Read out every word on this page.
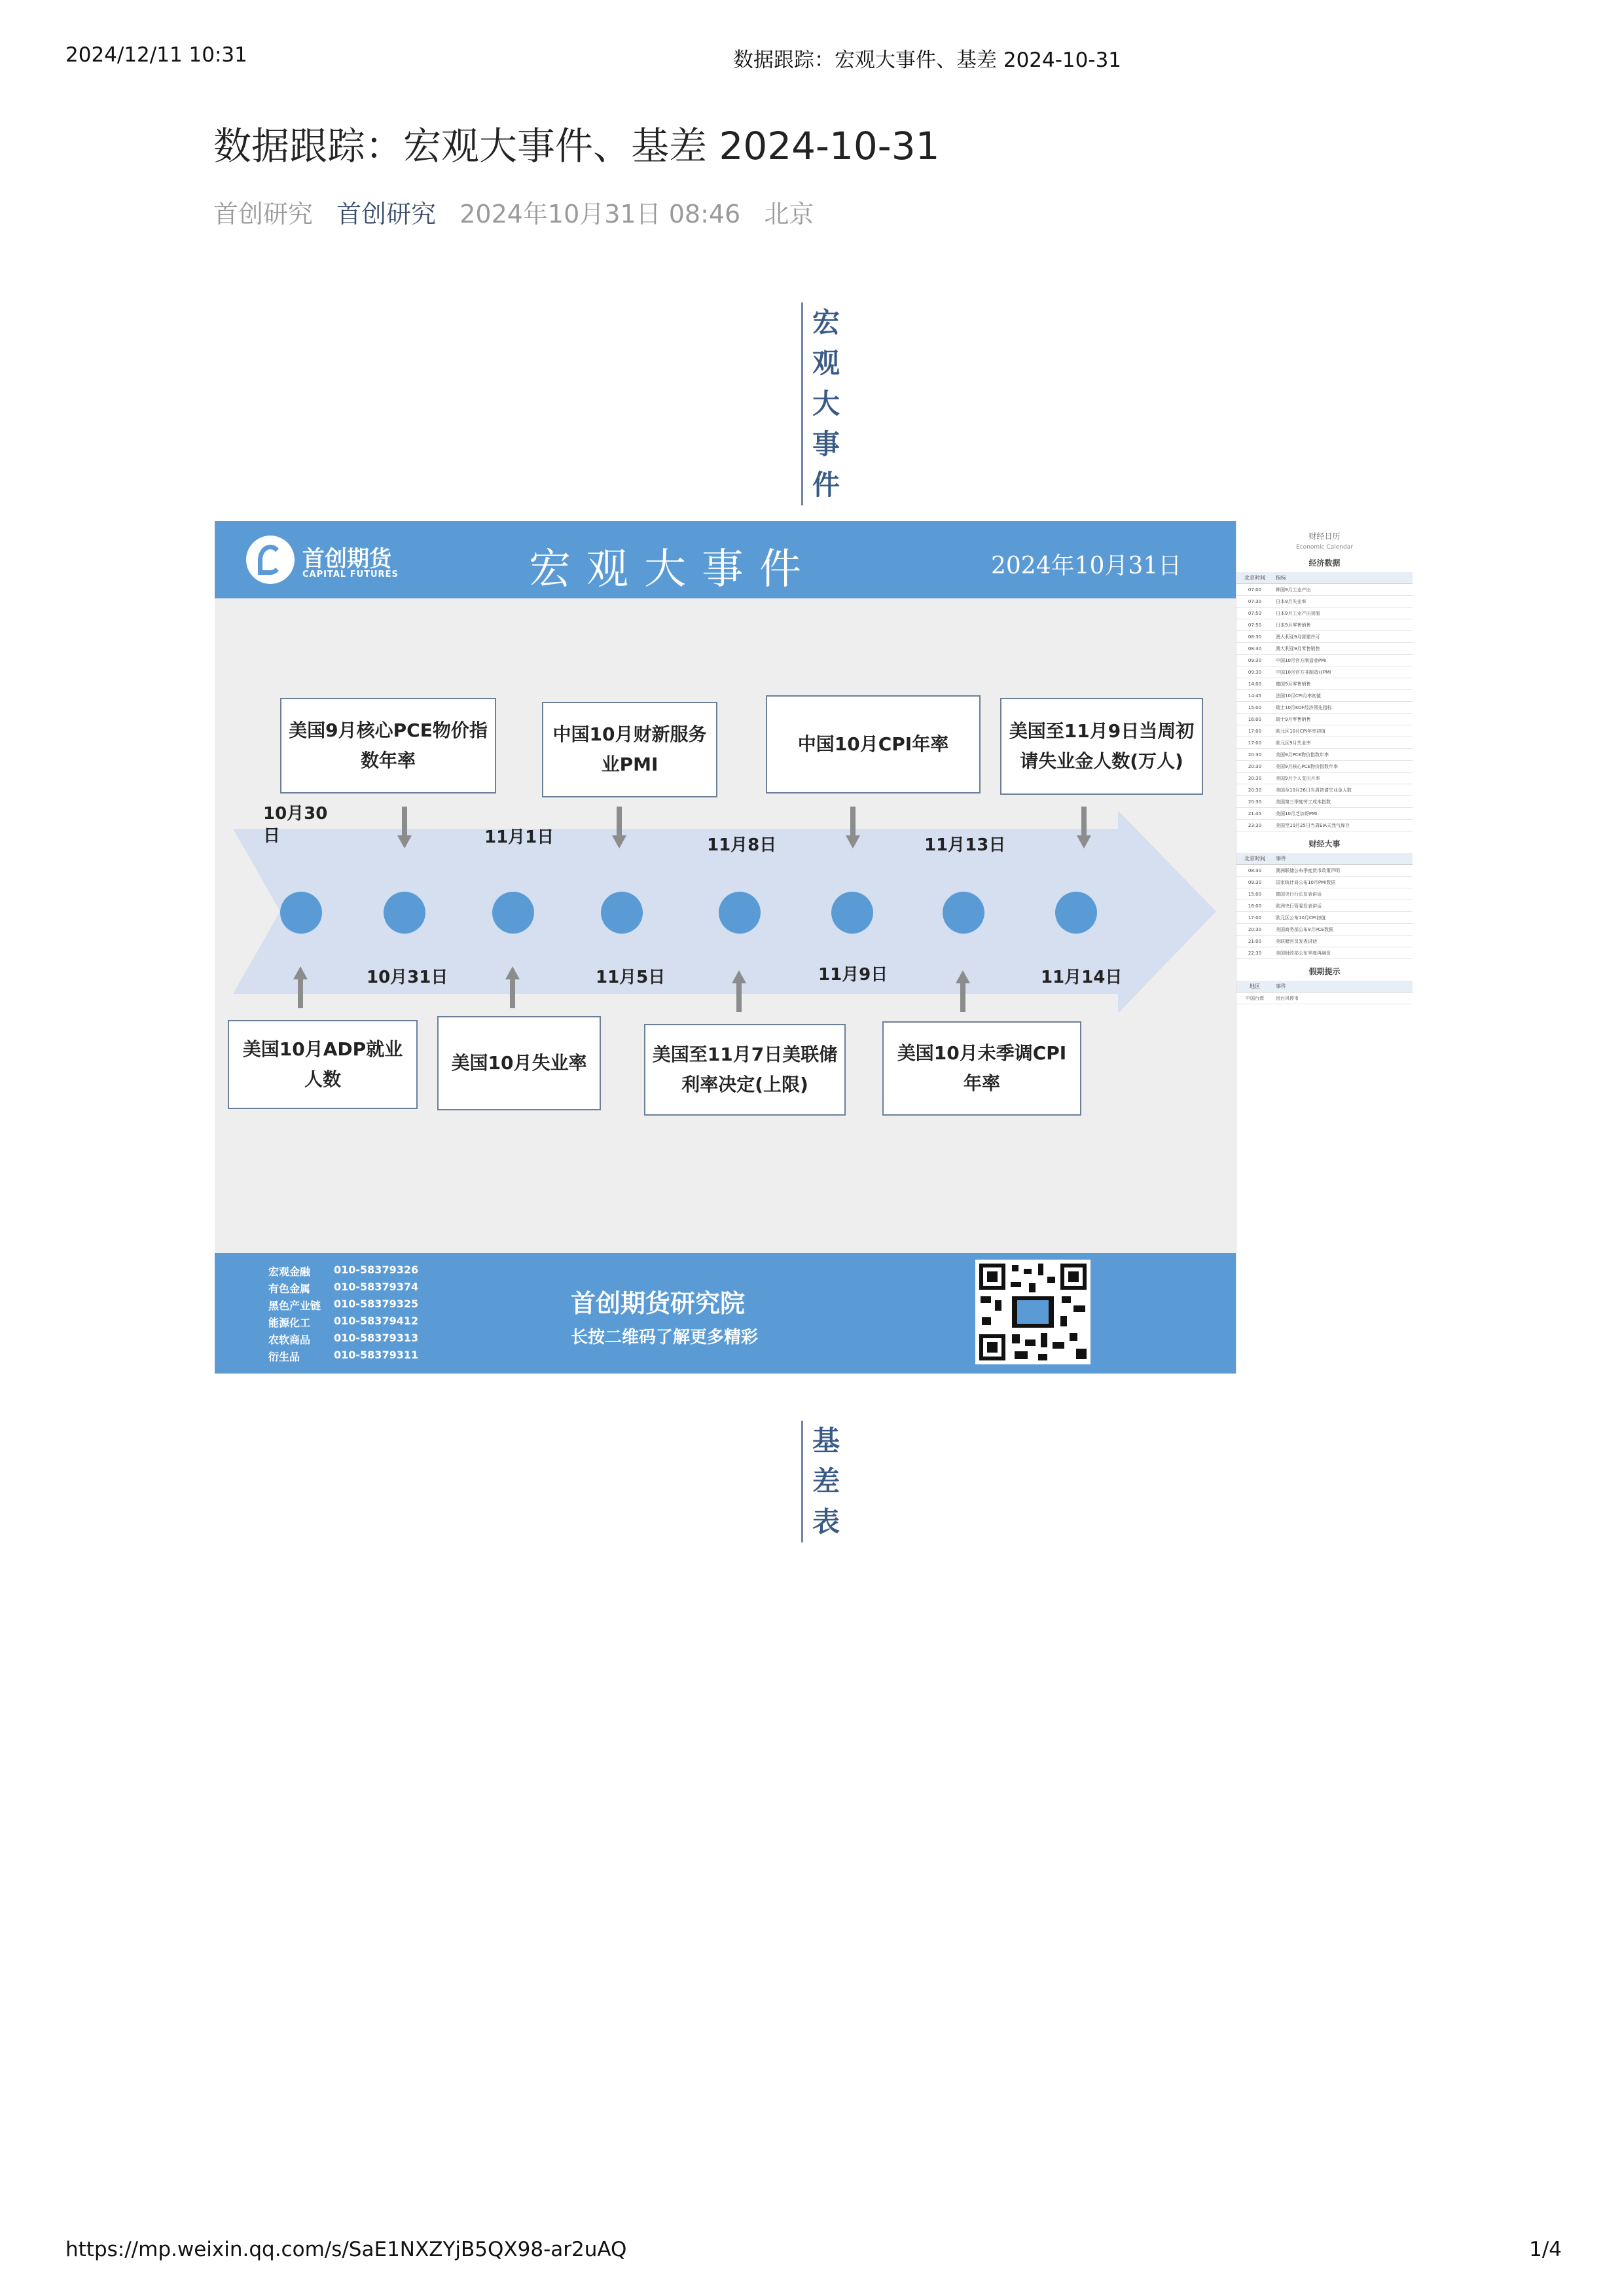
2024/12/11 10:31	数据跟踪：宏观大事件、基差 2024-10-31
数据跟踪：宏观大事件、基差 2024-10-31
首创研究 首创研究 2024年10月31日 08:46 北京
宏
观
大
事
件
首创期货
CAPITAL FUTURES	宏观大事件	2024年10月31日
美国9月核心PCE物价指数年率
中国10月财新服务业PMI
中国10月CPI年率
美国至11月9日当周初请失业金人数(万人)
10月30日	11月1日	11月8日	11月13日
10月31日	11月5日	11月9日	11月14日
美国10月ADP就业人数
美国10月失业率	美国至11月7日美联储利率决定(上限)
美国10月未季调CPI年率
宏观金融	010-58379326
有色金属	010-58379374
黑色产业链	010-58379325
能源化工	010-58379412
农软商品	010-58379313
衍生品	010-58379311
首创期货研究院
长按二维码了解更多精彩
财经日历
Economic Calendar
经济数据
北京时间	指标
07:00	韩国9月工业产出
07:30	日本9月失业率
07:50	日本9月工业产出初值
07:50	日本9月零售销售
08:30	澳大利亚9月营建许可
08:30	澳大利亚9月零售销售
09:30	中国10月官方制造业PMI
09:30	中国10月官方非制造业PMI
14:00	德国9月零售销售
14:45	法国10月CPI月率初值
15:00	瑞士10月KOF经济领先指标
16:00	瑞士9月零售销售
17:00	欧元区10月CPI年率初值
17:00	欧元区9月失业率
20:30	美国9月PCE物价指数年率
20:30	美国9月核心PCE物价指数年率
20:30	美国9月个人支出月率
20:30	美国至10月26日当周初请失业金人数
20:30	美国第三季度劳工成本指数
21:45	美国10月芝加哥PMI
23:30	美国至10月25日当周EIA天然气库存
财经大事
北京时间	事件
08:30	澳洲联储公布季度货币政策声明
09:30	国家统计局公布10月PMI数据
15:00	德国央行行长发表讲话
16:00	欧洲央行管委发表讲话
17:00	欧元区公布10月CPI初值
20:30	美国商务部公布9月PCE数据
21:00	美联储官员发表讲话
22:30	美国财政部公布季度再融资
假期提示
地区	事件
中国台湾	因台风停市
基
差
表
https://mp.weixin.qq.com/s/SaE1NXZYjB5QX98-ar2uAQ	1/4
